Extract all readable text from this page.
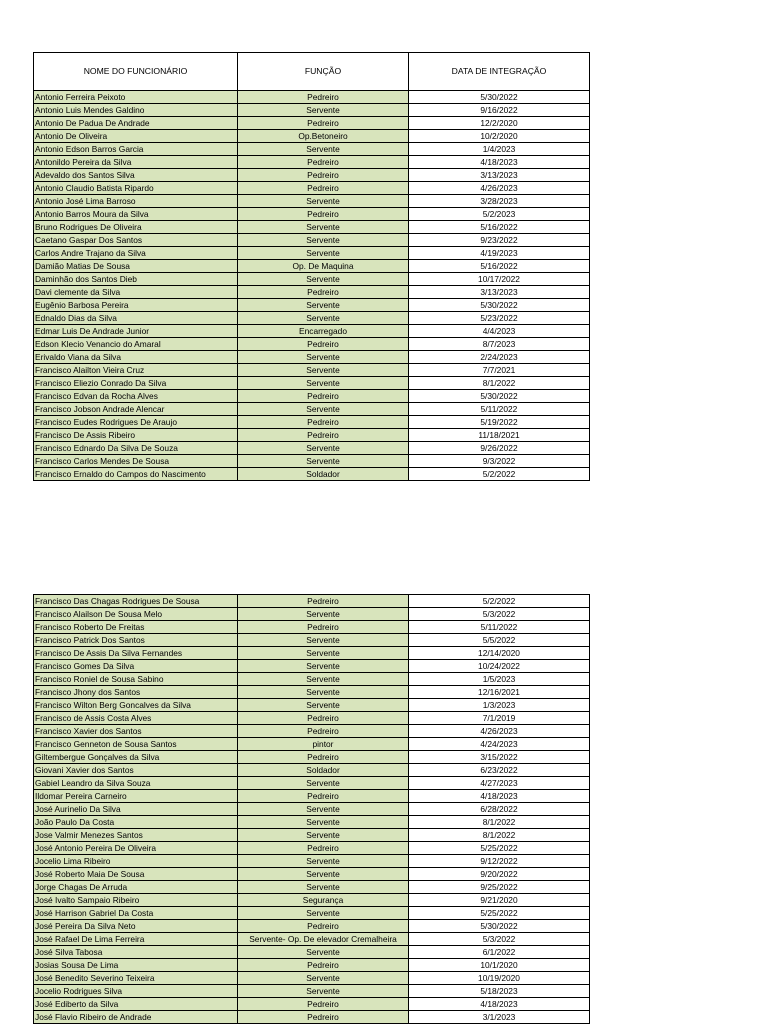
NOME DO FUNCIONÁRIO	FUNÇÃO	DATA DE INTEGRAÇÃO
Antonio Ferreira Peixoto	Pedreiro	5/30/2022
Antonio Luis Mendes Galdino	Servente	9/16/2022
Antonio De Padua De Andrade	Pedreiro	12/2/2020
Antonio De Oliveira	Op.Betoneiro	10/2/2020
Antonio Edson Barros Garcia	Servente	1/4/2023
Antonildo Pereira da Silva	Pedreiro	4/18/2023
Adevaldo dos Santos Silva	Pedreiro	3/13/2023
Antonio Claudio Batista Ripardo	Pedreiro	4/26/2023
Antonio José Lima Barroso	Servente	3/28/2023
Antonio Barros Moura da Silva	Pedreiro	5/2/2023
Bruno Rodrigues De Oliveira	Servente	5/16/2022
Caetano Gaspar Dos Santos	Servente	9/23/2022
Carlos Andre Trajano da Silva	Servente	4/19/2023
Damião Matias De Sousa	Op. De Maquina	5/16/2022
Daminhão dos Santos Dieb	Servente	10/17/2022
Davi clemente da Silva	Pedreiro	3/13/2023
Eugênio Barbosa Pereira	Servente	5/30/2022
Ednaldo Dias da Silva	Servente	5/23/2022
Edmar Luis De Andrade Junior	Encarregado	4/4/2023
Edson Klecio Venancio do Amaral	Pedreiro	8/7/2023
Erivaldo Viana da Silva	Servente	2/24/2023
Francisco Alailton Vieira Cruz	Servente	7/7/2021
Francisco Eliezio Conrado Da Silva	Servente	8/1/2022
Francisco Edvan da Rocha Alves	Pedreiro	5/30/2022
Francisco Jobson Andrade Alencar	Servente	5/11/2022
Francisco Eudes Rodrigues De Araujo	Pedreiro	5/19/2022
Francisco De Assis Ribeiro	Pedreiro	11/18/2021
Francisco Ednardo Da Silva De Souza	Servente	9/26/2022
Francisco Carlos Mendes De Sousa	Servente	9/3/2022
Francisco Ernaldo do Campos do Nascimento	Soldador	5/2/2022
Francisco Das Chagas Rodrigues De Sousa	Pedreiro	5/2/2022
Francisco Alailson De Sousa Melo	Servente	5/3/2022
Francisco Roberto De Freitas	Pedreiro	5/11/2022
Francisco Patrick Dos Santos	Servente	5/5/2022
Francisco De Assis Da Silva Fernandes	Servente	12/14/2020
Francisco Gomes Da Silva	Servente	10/24/2022
Francisco Roniel de Sousa Sabino	Servente	1/5/2023
Francisco Jhony dos Santos	Servente	12/16/2021
Francisco Wilton Berg Goncalves da Silva	Servente	1/3/2023
Francisco de Assis Costa Alves	Pedreiro	7/1/2019
Francisco Xavier dos Santos	Pedreiro	4/26/2023
Francisco Genneton de Sousa Santos	pintor	4/24/2023
Giltembergue Gonçalves da Silva	Pedreiro	3/15/2022
Giovani Xavier dos Santos	Soldador	6/23/2022
Gabiel Leandro da Silva Souza	Servente	4/27/2023
Ildomar Pereira Carneiro	Pedreiro	4/18/2023
José Aurinelio Da Silva	Servente	6/28/2022
João Paulo Da Costa	Servente	8/1/2022
Jose Valmir Menezes Santos	Servente	8/1/2022
José Antonio Pereira De Oliveira	Pedreiro	5/25/2022
Jocelio Lima Ribeiro	Servente	9/12/2022
José Roberto Maia De Sousa	Servente	9/20/2022
Jorge Chagas De Arruda	Servente	9/25/2022
José Ivalto Sampaio Ribeiro	Segurança	9/21/2020
José Harrison Gabriel Da Costa	Servente	5/25/2022
José Pereira Da Silva Neto	Pedreiro	5/30/2022
José Rafael De Lima Ferreira	Servente- Op. De elevador Cremalheira	5/3/2022
José Silva Tabosa	Servente	6/1/2022
Josias Sousa De Lima	Pedreiro	10/1/2020
José Benedito Severino Teixeira	Servente	10/19/2020
Jocelio Rodrigues Silva	Servente	5/18/2023
José Ediberto da Silva	Pedreiro	4/18/2023
José Flavio Ribeiro de Andrade	Pedreiro	3/1/2023
